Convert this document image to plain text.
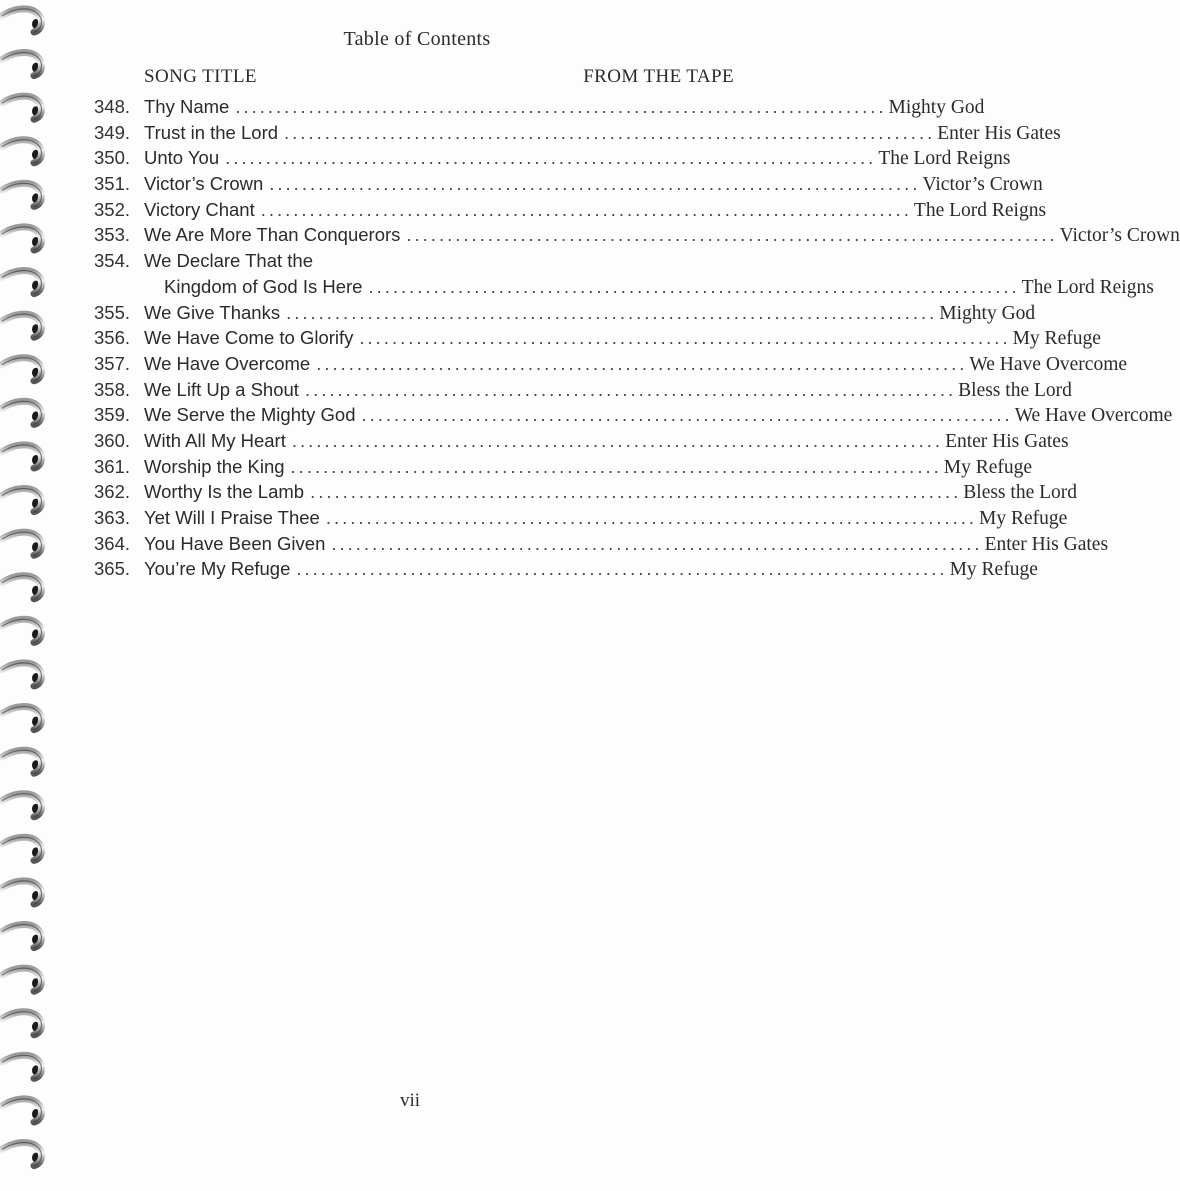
Table of Contents
SONG TITLE	FROM THE TAPE
348. Thy Name ................................................................................ Mighty God
349. Trust in the Lord ................................................................................ Enter His Gates
350. Unto You ................................................................................ The Lord Reigns
351. Victor’s Crown ................................................................................ Victor’s Crown
352. Victory Chant ................................................................................ The Lord Reigns
353. We Are More Than Conquerors ................................................................................ Victor’s Crown
354. We Declare That the
Kingdom of God Is Here ................................................................................ The Lord Reigns
355. We Give Thanks ................................................................................ Mighty God
356. We Have Come to Glorify ................................................................................ My Refuge
357. We Have Overcome ................................................................................ We Have Overcome
358. We Lift Up a Shout ................................................................................ Bless the Lord
359. We Serve the Mighty God ................................................................................ We Have Overcome
360. With All My Heart ................................................................................ Enter His Gates
361. Worship the King ................................................................................ My Refuge
362. Worthy Is the Lamb ................................................................................ Bless the Lord
363. Yet Will I Praise Thee ................................................................................ My Refuge
364. You Have Been Given ................................................................................ Enter His Gates
365. You’re My Refuge ................................................................................ My Refuge
vii
